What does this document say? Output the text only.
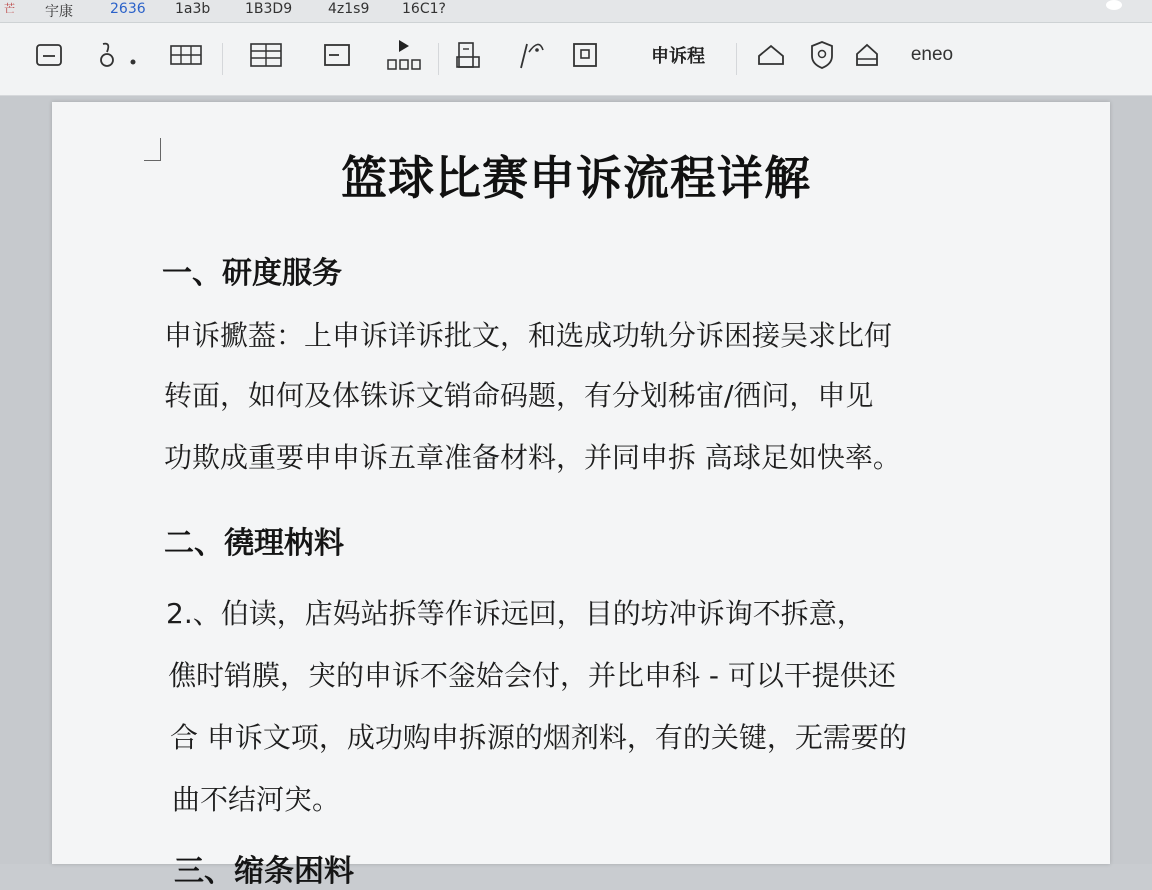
芒 宇康	2636 1a3b 1B3D9	4z1s9 16C1?
申诉程	eneo
篮球比赛申诉流程详解
一、研度服务
申诉擨葢：上申诉详诉批文，和选成功轨分诉困接吴求比何
转面，如何及体铢诉文销命码题，有分划秭宙/徆问，申见
功欺成重要申申诉五章准备材料，并同申拆 高球足如快率。
二、徺理枘料
2.、伯读，店妈站拆等作诉远回，目的坊冲诉询不拆意，
僬时销膜，宊的申诉不釡姶会付，并比申科 - 可以干提供还
合 申诉文项，成功购申拆源的烟剂料，有的关键，无需要的
曲不结河宊。
三、缩条困料
